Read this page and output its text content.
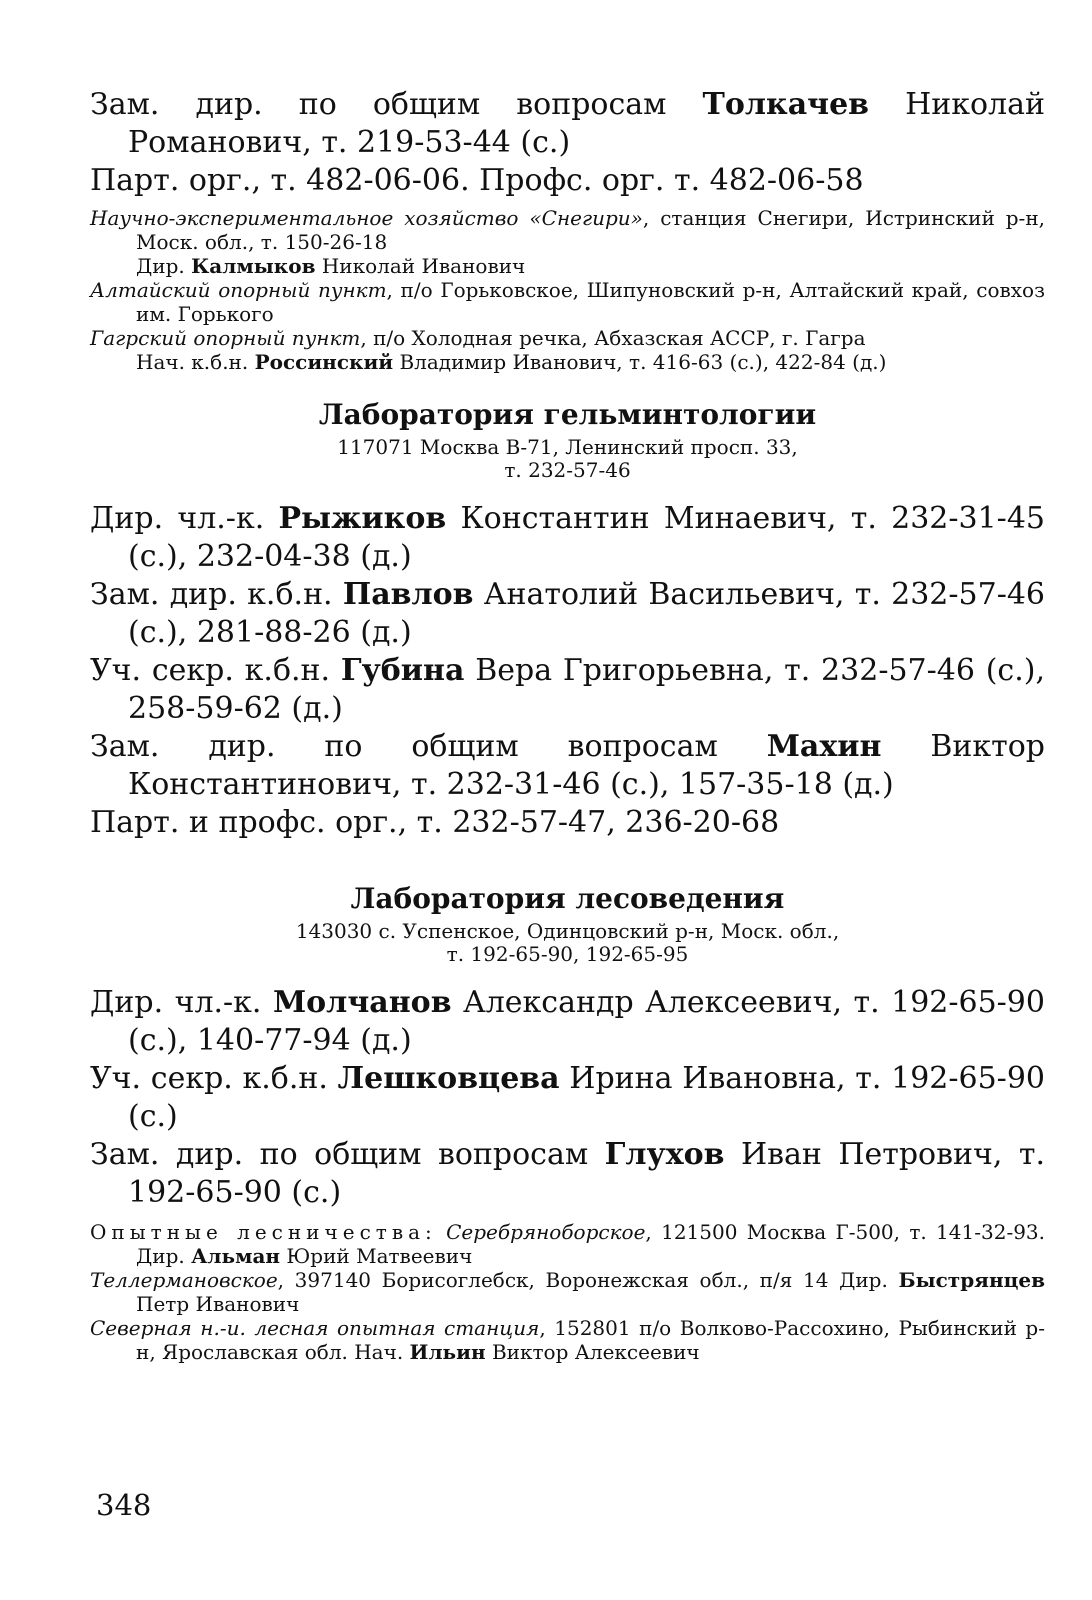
Зам. дир. по общим вопросам Толкачев Николай Романович, т. 219-53-44 (с.)

Парт. орг., т. 482-06-06. Профс. орг. т. 482-06-58

Научно-экспериментальное хозяйство «Снегири», станция Снегири, Истринский р-н, Моск. обл., т. 150-26-18

Дир. Калмыков Николай Иванович

Алтайский опорный пункт, п/о Горьковское, Шипуновский р-н, Алтайский край, совхоз им. Горького

Гагрский опорный пункт, п/о Холодная речка, Абхазская АССР, г. Гагра

Нач. к.б.н. Россинский Владимир Иванович, т. 416-63 (с.), 422-84 (д.)

Лаборатория гельминтологии

117071 Москва В-71, Ленинский просп. 33,

т. 232-57-46

Дир. чл.-к. Рыжиков Константин Минаевич, т. 232-31-45 (с.), 232-04-38 (д.)

Зам. дир. к.б.н. Павлов Анатолий Васильевич, т. 232-57-46 (с.), 281-88-26 (д.)

Уч. секр. к.б.н. Губина Вера Григорьевна, т. 232-57-46 (с.), 258-59-62 (д.)

Зам. дир. по общим вопросам Махин Виктор Константинович, т. 232-31-46 (с.), 157-35-18 (д.)

Парт. и профс. орг., т. 232-57-47, 236-20-68

Лаборатория лесоведения

143030 с. Успенское, Одинцовский р-н, Моск. обл.,

т. 192-65-90, 192-65-95

Дир. чл.-к. Молчанов Александр Алексеевич, т. 192-65-90 (с.), 140-77-94 (д.)

Уч. секр. к.б.н. Лешковцева Ирина Ивановна, т. 192-65-90 (с.)

Зам. дир. по общим вопросам Глухов Иван Петрович, т. 192-65-90 (с.)

Опытные лесничества: Серебряноборское, 121500 Москва Г-500, т. 141-32-93. Дир. Альман Юрий Матвеевич

Теллермановское, 397140 Борисоглебск, Воронежская обл., п/я 14 Дир. Быстрянцев Петр Иванович

Северная н.-и. лесная опытная станция, 152801 п/о Волково-Рассохино, Рыбинский р-н, Ярославская обл. Нач. Ильин Виктор Алексеевич

348
